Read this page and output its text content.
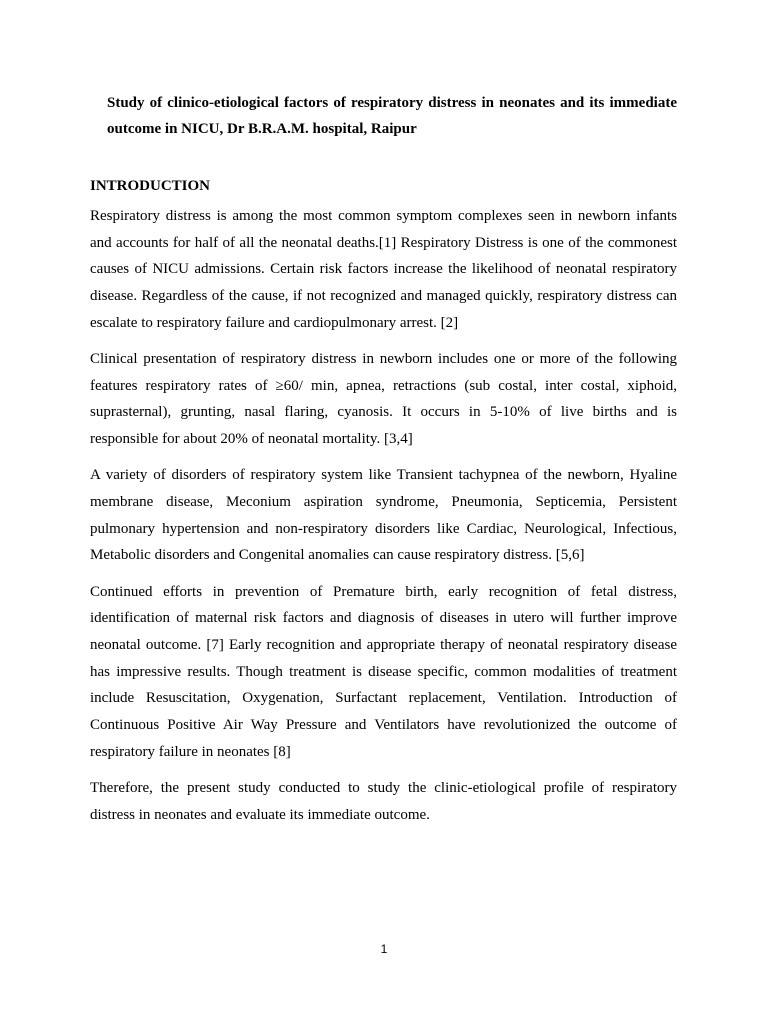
Study of clinico-etiological factors of respiratory distress in neonates and its immediate outcome in NICU, Dr B.R.A.M. hospital, Raipur

INTRODUCTION

Respiratory distress is among the most common symptom complexes seen in newborn infants and accounts for half of all the neonatal deaths.[1] Respiratory Distress is one of the commonest causes of NICU admissions. Certain risk factors increase the likelihood of neonatal respiratory disease. Regardless of the cause, if not recognized and managed quickly, respiratory distress can escalate to respiratory failure and cardiopulmonary arrest. [2]

Clinical presentation of respiratory distress in newborn includes one or more of the following features respiratory rates of ≥60/ min, apnea, retractions (sub costal, inter costal, xiphoid, suprasternal), grunting, nasal flaring, cyanosis. It occurs in 5-10% of live births and is responsible for about 20% of neonatal mortality. [3,4]

A variety of disorders of respiratory system like Transient tachypnea of the newborn, Hyaline membrane disease, Meconium aspiration syndrome, Pneumonia, Septicemia, Persistent pulmonary hypertension and non-respiratory disorders like Cardiac, Neurological, Infectious, Metabolic disorders and Congenital anomalies can cause respiratory distress. [5,6]

Continued efforts in prevention of Premature birth, early recognition of fetal distress, identification of maternal risk factors and diagnosis of diseases in utero will further improve neonatal outcome. [7] Early recognition and appropriate therapy of neonatal respiratory disease has impressive results. Though treatment is disease specific, common modalities of treatment include Resuscitation, Oxygenation, Surfactant replacement, Ventilation. Introduction of Continuous Positive Air Way Pressure and Ventilators have revolutionized the outcome of respiratory failure in neonates [8]

Therefore, the present study conducted to study the clinic-etiological profile of respiratory distress in neonates and evaluate its immediate outcome.

1
